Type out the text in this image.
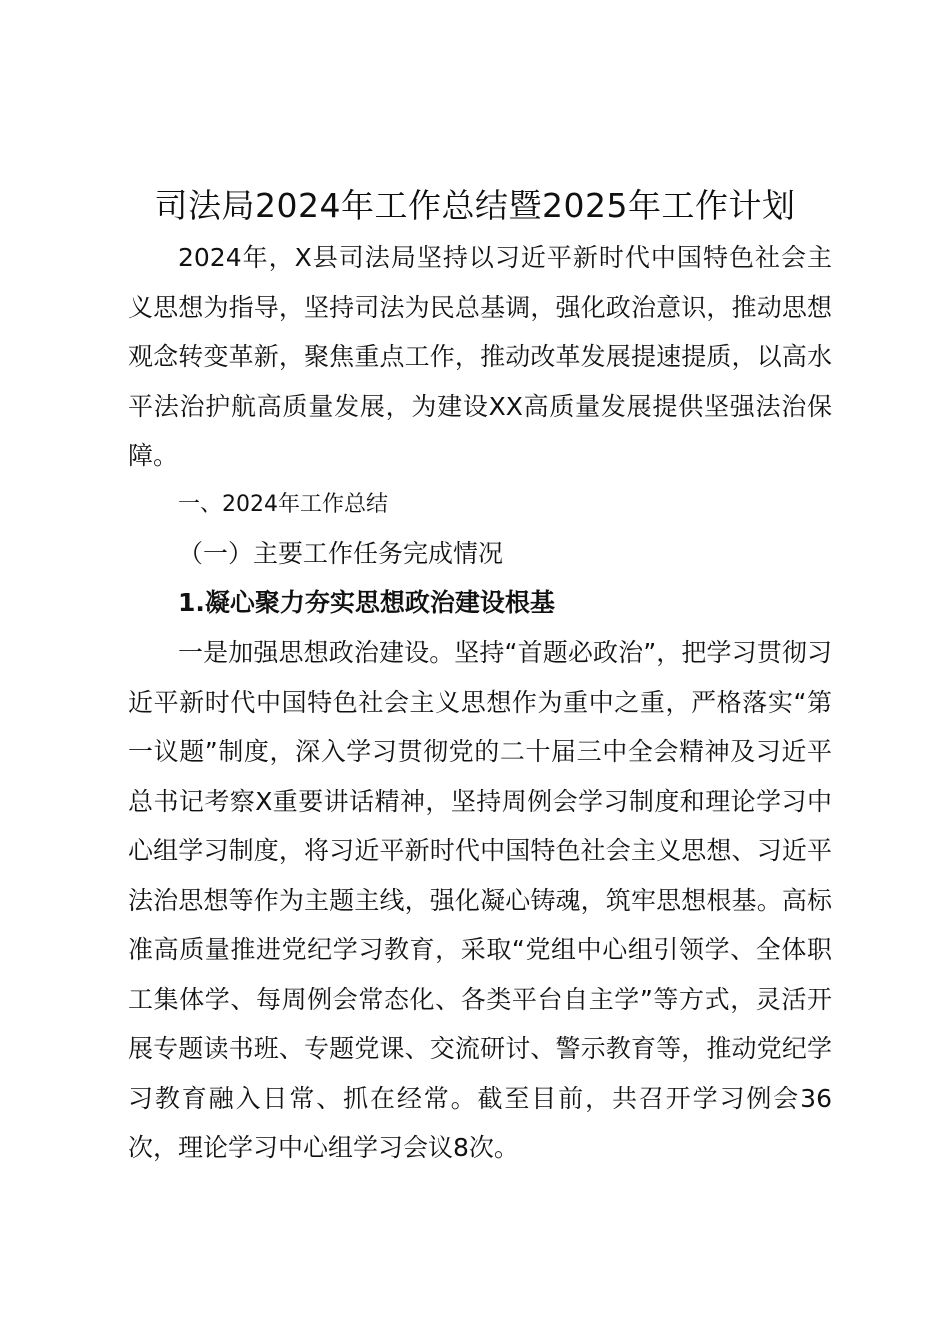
司法局2024年工作总结暨2025年工作计划

2024年，X县司法局坚持以习近平新时代中国特色社会主义思想为指导，坚持司法为民总基调，强化政治意识，推动思想观念转变革新，聚焦重点工作，推动改革发展提速提质，以高水平法治护航高质量发展，为建设XX高质量发展提供坚强法治保障。

一、2024年工作总结

（一）主要工作任务完成情况

1.凝心聚力夯实思想政治建设根基

一是加强思想政治建设。坚持“首题必政治”，把学习贯彻习近平新时代中国特色社会主义思想作为重中之重，严格落实“第一议题”制度，深入学习贯彻党的二十届三中全会精神及习近平总书记考察X重要讲话精神，坚持周例会学习制度和理论学习中心组学习制度，将习近平新时代中国特色社会主义思想、习近平法治思想等作为主题主线，强化凝心铸魂，筑牢思想根基。高标准高质量推进党纪学习教育，采取“党组中心组引领学、全体职工集体学、每周例会常态化、各类平台自主学”等方式，灵活开展专题读书班、专题党课、交流研讨、警示教育等，推动党纪学习教育融入日常、抓在经常。截至目前，共召开学习例会36次，理论学习中心组学习会议8次。
